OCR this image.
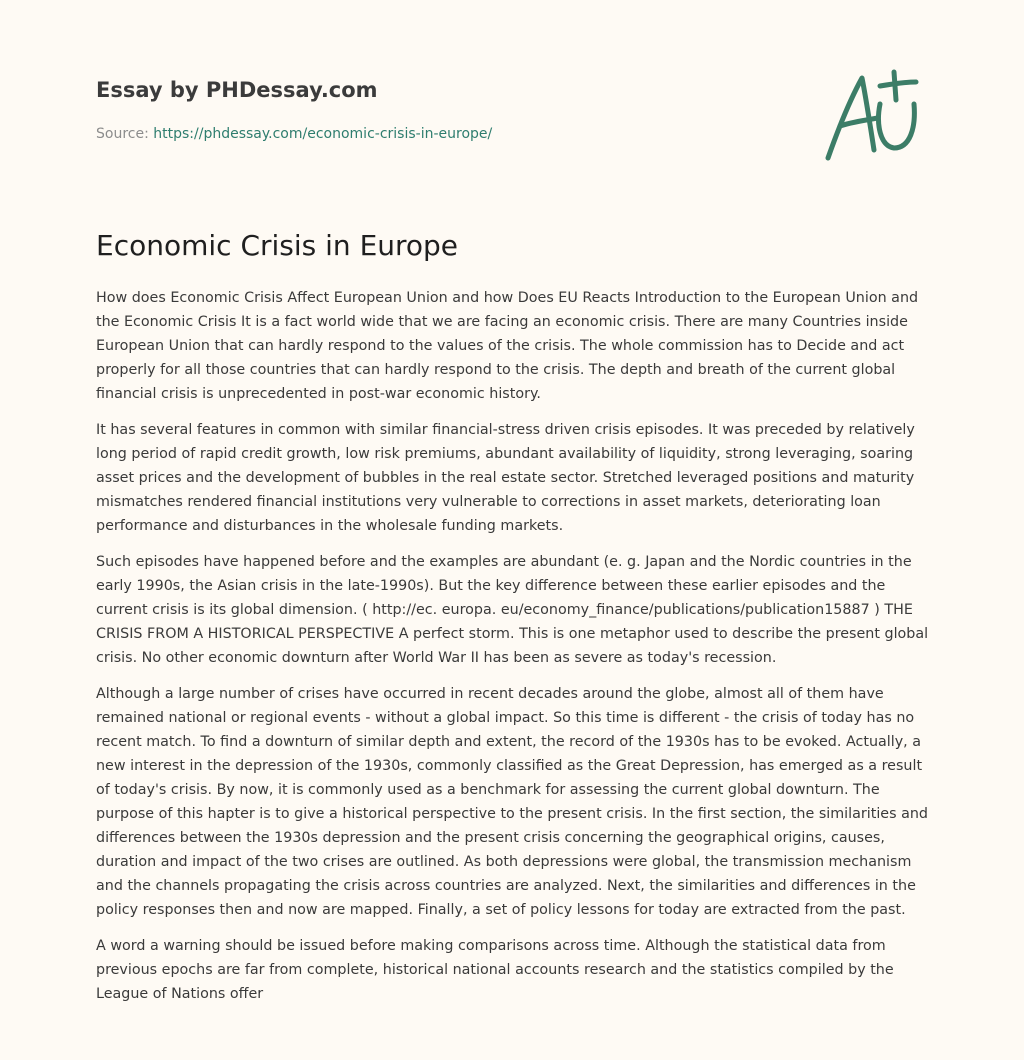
Essay by PHDessay.com
Source: https://phdessay.com/economic-crisis-in-europe/
Economic Crisis in Europe

How does Economic Crisis Affect European Union and how Does EU Reacts Introduction to the European Union and the Economic Crisis It is a fact world wide that we are facing an economic crisis. There are many Countries inside European Union that can hardly respond to the values of the crisis. The whole commission has to Decide and act properly for all those countries that can hardly respond to the crisis. The depth and breath of the current global financial crisis is unprecedented in post-war economic history.

It has several features in common with similar financial-stress driven crisis episodes. It was preceded by relatively long period of rapid credit growth, low risk premiums, abundant availability of liquidity, strong leveraging, soaring asset prices and the development of bubbles in the real estate sector. Stretched leveraged positions and maturity mismatches rendered financial institutions very vulnerable to corrections in asset markets, deteriorating loan performance and disturbances in the wholesale funding markets.

Such episodes have happened before and the examples are abundant (e. g. Japan and the Nordic countries in the early 1990s, the Asian crisis in the late-1990s). But the key difference between these earlier episodes and the current crisis is its global dimension. ( http://ec. europa. eu/economy_finance/publications/publication15887 ) THE CRISIS FROM A HISTORICAL PERSPECTIVE A perfect storm. This is one metaphor used to describe the present global crisis. No other economic downturn after World War II has been as severe as today's recession.

Although a large number of crises have occurred in recent decades around the globe, almost all of them have remained national or regional events - without a global impact. So this time is different - the crisis of today has no recent match. To find a downturn of similar depth and extent, the record of the 1930s has to be evoked. Actually, a new interest in the depression of the 1930s, commonly classified as the Great Depression, has emerged as a result of today's crisis. By now, it is commonly used as a benchmark for assessing the current global downturn. The purpose of this hapter is to give a historical perspective to the present crisis. In the first section, the similarities and differences between the 1930s depression and the present crisis concerning the geographical origins, causes, duration and impact of the two crises are outlined. As both depressions were global, the transmission mechanism and the channels propagating the crisis across countries are analyzed. Next, the similarities and differences in the policy responses then and now are mapped. Finally, a set of policy lessons for today are extracted from the past.

A word a warning should be issued before making comparisons across time. Although the statistical data from previous epochs are far from complete, historical national accounts research and the statistics compiled by the League of Nations offer
